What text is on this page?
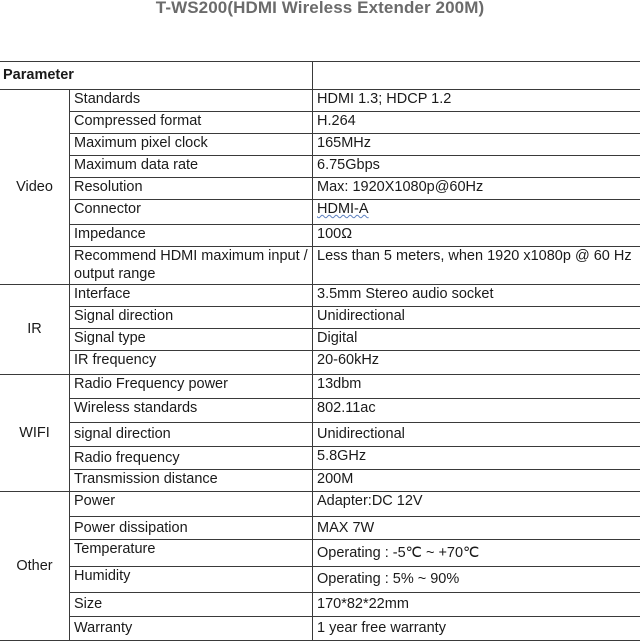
T-WS200(HDMI Wireless Extender 200M)
Parameter		
Video	Standards	HDMI 1.3; HDCP 1.2
	Compressed format	H.264
	Maximum pixel clock	165MHz
	Maximum data rate	6.75Gbps
	Resolution	Max: 1920X1080p@60Hz
	Connector	HDMI-A
	Impedance	100Ω
	Recommend HDMI maximum input / output range	Less than 5 meters, when 1920 x1080p @ 60 Hz
IR	Interface	3.5mm Stereo audio socket
	Signal direction	Unidirectional
	Signal type	Digital
	IR frequency	20-60kHz
WIFI	Radio Frequency power	13dbm
	Wireless standards	802.11ac
	signal direction	Unidirectional
	Radio frequency	5.8GHz
	Transmission distance	200M
Other	Power	Adapter:DC 12V
	Power dissipation	MAX 7W
	Temperature	Operating : -5℃ ~ +70℃
	Humidity	Operating : 5% ~ 90%
	Size	170*82*22mm
	Warranty	1 year free warranty
